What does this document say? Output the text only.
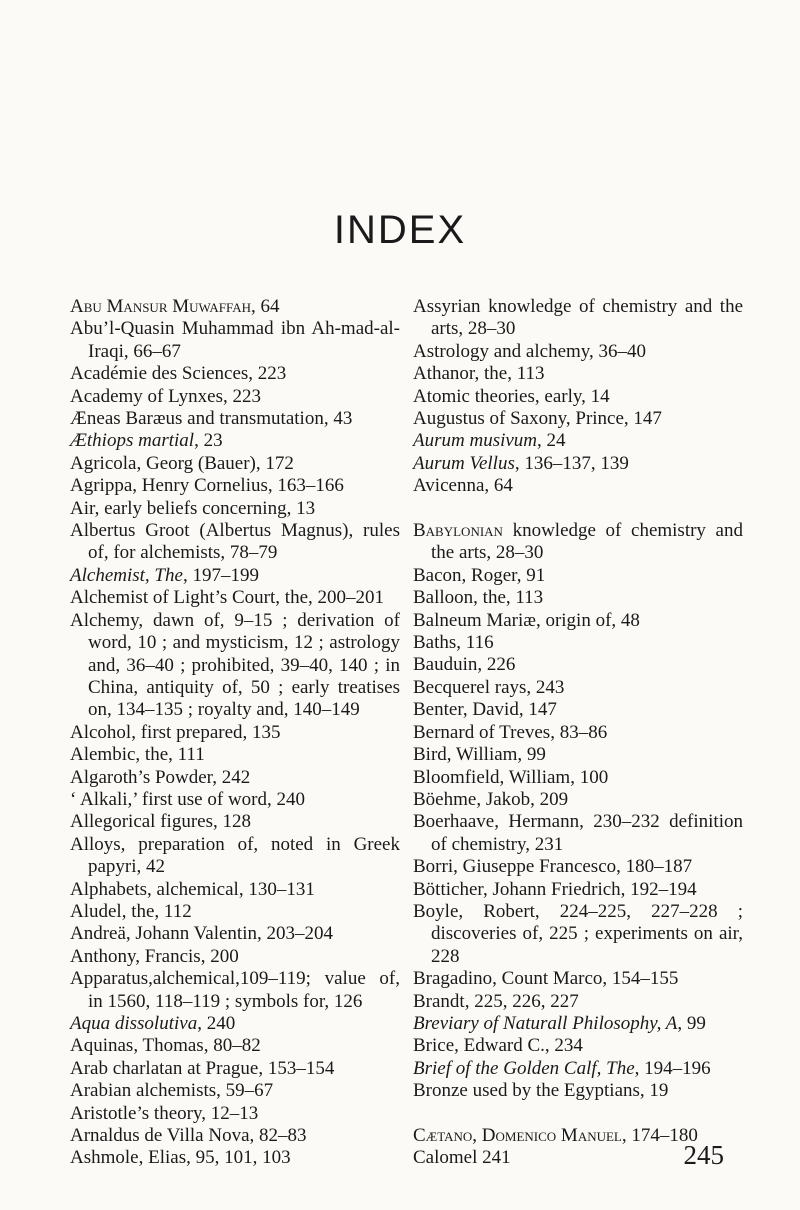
INDEX
Abu Mansur Muwaffah, 64
Abu’l-Quasin Muhammad ibn Ah-mad-al-Iraqi, 66–67
Académie des Sciences, 223
Academy of Lynxes, 223
Æneas Baræus and transmutation, 43
Æthiops martial, 23
Agricola, Georg (Bauer), 172
Agrippa, Henry Cornelius, 163–166
Air, early beliefs concerning, 13
Albertus Groot (Albertus Magnus), rules of, for alchemists, 78–79
Alchemist, The, 197–199
Alchemist of Light’s Court, the, 200–201
Alchemy, dawn of, 9–15 ; derivation of word, 10 ; and mysticism, 12 ; astrology and, 36–40 ; prohibited, 39–40, 140 ; in China, antiquity of, 50 ; early treatises on, 134–135 ; royalty and, 140–149
Alcohol, first prepared, 135
Alembic, the, 111
Algaroth’s Powder, 242
‘ Alkali,’ first use of word, 240
Allegorical figures, 128
Alloys, preparation of, noted in Greek papyri, 42
Alphabets, alchemical, 130–131
Aludel, the, 112
Andreä, Johann Valentin, 203–204
Anthony, Francis, 200
Apparatus,alchemical,109–119; value of, in 1560, 118–119 ; symbols for, 126
Aqua dissolutiva, 240
Aquinas, Thomas, 80–82
Arab charlatan at Prague, 153–154
Arabian alchemists, 59–67
Aristotle’s theory, 12–13
Arnaldus de Villa Nova, 82–83
Ashmole, Elias, 95, 101, 103
Assyrian knowledge of chemistry and the arts, 28–30
Astrology and alchemy, 36–40
Athanor, the, 113
Atomic theories, early, 14
Augustus of Saxony, Prince, 147
Aurum musivum, 24
Aurum Vellus, 136–137, 139
Avicenna, 64
Babylonian knowledge of chemistry and the arts, 28–30
Bacon, Roger, 91
Balloon, the, 113
Balneum Mariæ, origin of, 48
Baths, 116
Bauduin, 226
Becquerel rays, 243
Benter, David, 147
Bernard of Treves, 83–86
Bird, William, 99
Bloomfield, William, 100
Böehme, Jakob, 209
Boerhaave, Hermann, 230–232 definition of chemistry, 231
Borri, Giuseppe Francesco, 180–187
Bötticher, Johann Friedrich, 192–194
Boyle, Robert, 224–225, 227–228 ; discoveries of, 225 ; experiments on air, 228
Bragadino, Count Marco, 154–155
Brandt, 225, 226, 227
Breviary of Naturall Philosophy, A, 99
Brice, Edward C., 234
Brief of the Golden Calf, The, 194–196
Bronze used by the Egyptians, 19
Cætano, Domenico Manuel, 174–180
Calomel 241	245
